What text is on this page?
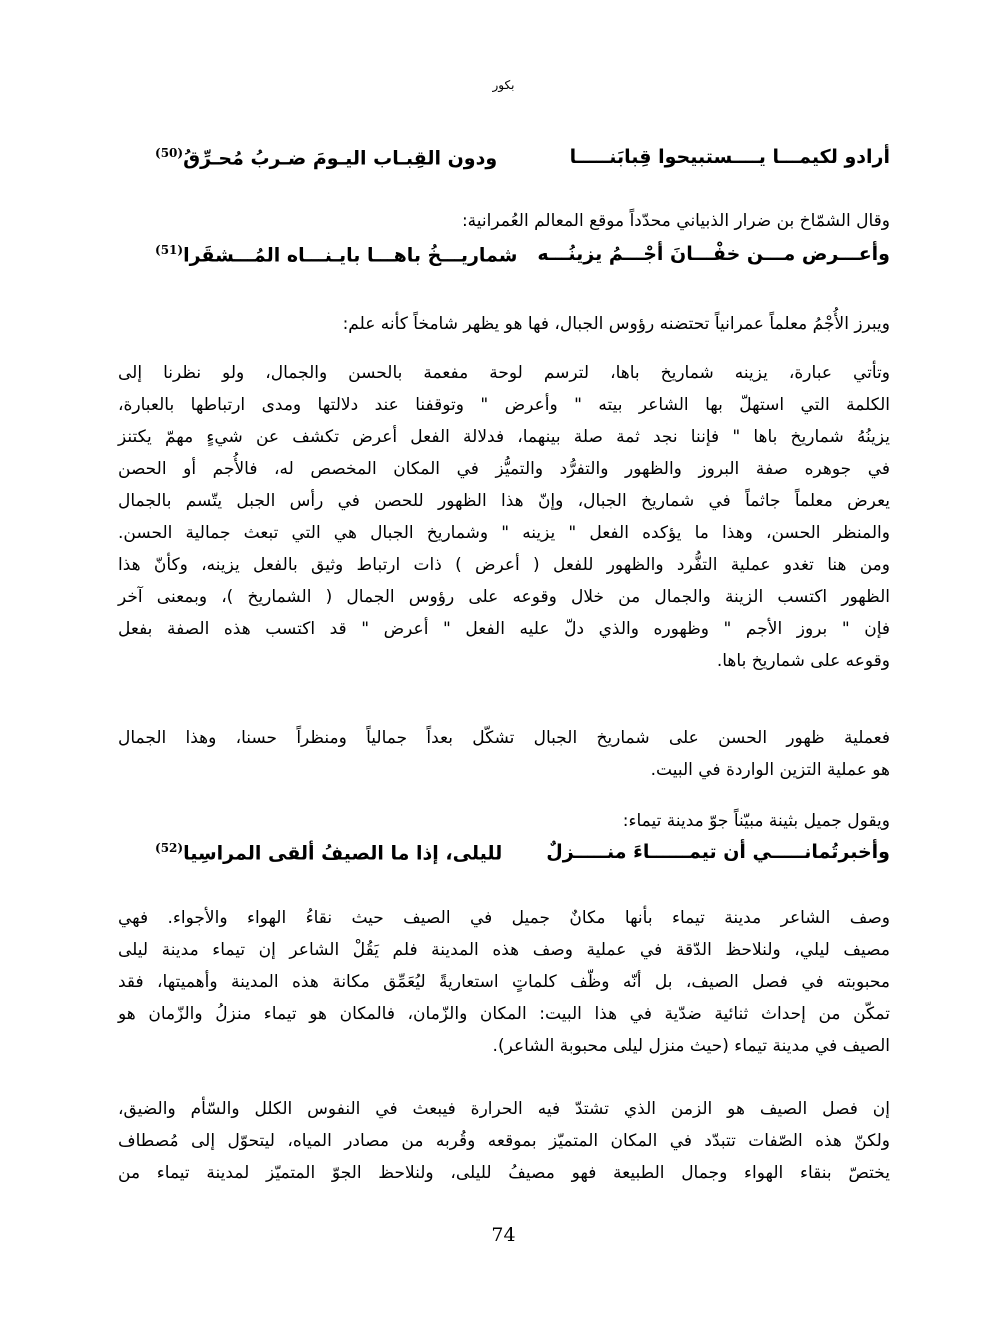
بكور
أرادو لكيمـــا يــــستبيحوا قِبابَنـــــا
ودون القِبـاب اليـومَ ضـربُ مُحـرِّقُ$^{(50)}$
وقال الشمّاخ بن ضرار الذبياني محدّداً موقع المعالم العُمرانية:
وأعـــرض مـــن خفْـــانَ أجْـــمُ يزينُـــه
شماريـــخُ باهـــا بايـنـــاه المُـــشقَرا$^{(51)}$
ويبرز الأُجْمُ معلماً عمرانياً تحتضنه رؤوس الجبال، فها هو يظهر شامخاً كأنه علم:
وتأتي عبارة، يزينه شماريخ باها، لترسم لوحة مفعمة بالحسن والجمال، ولو نظرنا إلى
الكلمة التي استهلّ بها الشاعر بيته " وأعرض " وتوقفنا عند دلالتها ومدى ارتباطها بالعبارة،
يزينُهُ شماريخ باها " فإننا نجد ثمة صلة بينهما، فدلالة الفعل أعرض تكشف عن شيءٍ مهمّ يكتنز
في جوهره صفة البروز والظهور والتفرُّد والتميُّز في المكان المخصص له، فالأُجم أو الحصن
يعرض معلماً جاثماً في شماريخ الجبال، وإنّ هذا الظهور للحصن في رأس الجبل يتّسم بالجمال
والمنظر الحسن، وهذا ما يؤكده الفعل " يزينه " وشماريخ الجبال هي التي تبعث جمالية الحسن.
ومن هنا تغدو عملية التفُّرد والظهور للفعل ( أعرض ) ذات ارتباط وثيق بالفعل يزينه، وكأنّ هذا
الظهور اكتسب الزينة والجمال من خلال وقوعه على رؤوس الجمال ( الشماريخ )، وبمعنى آخر
فإن " بروز الأجم " وظهوره والذي دلّ عليه الفعل " أعرض " قد اكتسب هذه الصفة بفعل
وقوعه على شماريخ باها.
فعملية ظهور الحسن على شماريخ الجبال تشكّل بعداً جمالياً ومنظراً حسنا، وهذا الجمال
هو عملية التزين الواردة في البيت.
ويقول جميل بثينة مبيّناً جوّ مدينة تيماء:
وأخبرتُمانـــــي أن تيمــــــاءَ منـــــزلٌ
لليلى، إذا ما الصيفُ ألقى المراسِيا$^{(52)}$
وصف الشاعر مدينة تيماء بأنها مكانٌ جميل في الصيف حيث نقاءُ الهواء والأجواء. فهي
مصيف ليلي، ولنلاحظ الدّقة في عملية وصف هذه المدينة فلم يَقُلْ الشاعر إن تيماء مدينة ليلى
محبوبته في فصل الصيف، بل أنّه وظّف كلماتٍ استعاريةً ليُعَمِّق مكانة هذه المدينة وأهميتها، فقد
تمكّن من إحداث ثنائية ضدّية في هذا البيت: المكان والزّمان، فالمكان هو تيماء منزلُ والزّمان هو
الصيف في مدينة تيماء (حيث منزل ليلى محبوبة الشاعر).
إن فصل الصيف هو الزمن الذي تشتدّ فيه الحرارة فيبعث في النفوس الكلل والسّأم والضيق،
ولكنّ هذه الصّفات تتبدّد في المكان المتميّز بموقعه وقُربه من مصادر المياه، ليتحوّل إلى مُصطاف
يختصّ بنقاء الهواء وجمال الطبيعة فهو مصيفُ لليلى، ولنلاحظ الجوّ المتميّز لمدينة تيماء من
74
